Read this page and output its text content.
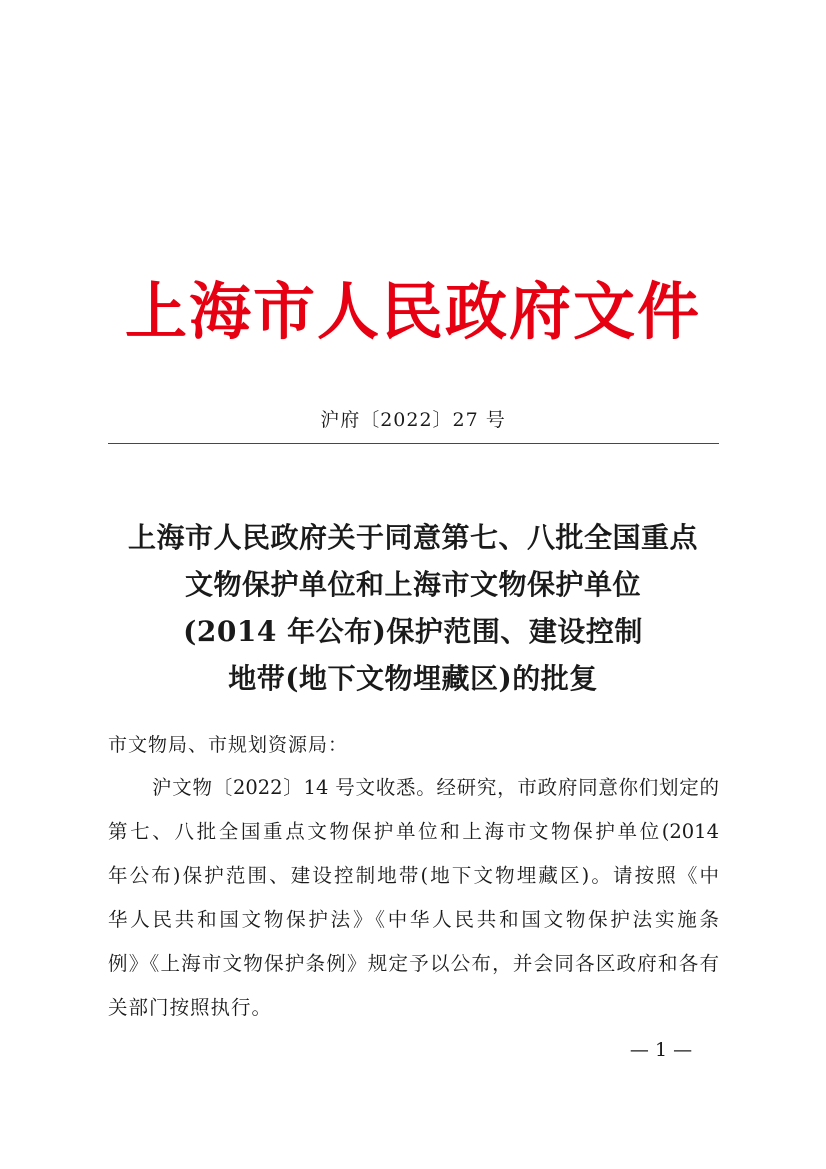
上海市人民政府文件
沪府〔2022〕27 号
上海市人民政府关于同意第七、八批全国重点
文物保护单位和上海市文物保护单位
(2014 年公布)保护范围、建设控制
地带(地下文物埋藏区)的批复
市文物局、市规划资源局：
沪文物〔2022〕14 号文收悉。经研究，市政府同意你们划定的
第七、八批全国重点文物保护单位和上海市文物保护单位(2014
年公布)保护范围、建设控制地带(地下文物埋藏区)。请按照《中
华人民共和国文物保护法》《中华人民共和国文物保护法实施条
例》《上海市文物保护条例》规定予以公布，并会同各区政府和各有
关部门按照执行。
— 1 —
